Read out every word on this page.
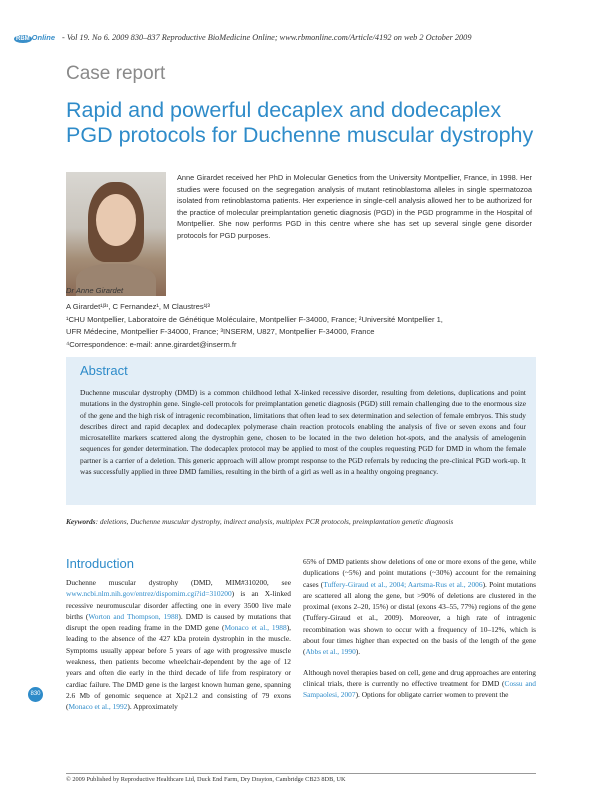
RBM Online - Vol 19. No 6. 2009 830–837 Reproductive BioMedicine Online; www.rbmonline.com/Article/4192 on web 2 October 2009
Case report
Rapid and powerful decaplex and dodecaplex PGD protocols for Duchenne muscular dystrophy
Anne Girardet received her PhD in Molecular Genetics from the University Montpellier, France, in 1998. Her studies were focused on the segregation analysis of mutant retinoblastoma alleles in single spermatozoa isolated from retinoblastoma patients. Her experience in single-cell analysis allowed her to be authorized for the practice of molecular preimplantation genetic diagnosis (PGD) in the PGD programme in the Hospital of Montpellier. She now performs PGD in this centre where she has set up several single gene disorder protocols for PGD purposes.
Dr Anne Girardet
A Girardet¹ʲ³ʴ, C Fernandez¹, M Claustres¹ʲ³
¹CHU Montpellier, Laboratoire de Génétique Moléculaire, Montpellier F-34000, France; ²Université Montpellier 1,
UFR Médecine, Montpellier F-34000, France; ³INSERM, U827, Montpellier F-34000, France
⁴Correspondence: e-mail: anne.girardet@inserm.fr
Abstract
Duchenne muscular dystrophy (DMD) is a common childhood lethal X-linked recessive disorder, resulting from deletions, duplications and point mutations in the dystrophin gene. Single-cell protocols for preimplantation genetic diagnosis (PGD) still remain challenging due to the enormous size of the gene and the high risk of intragenic recombination, limitations that often lead to sex determination and selection of female embryos. This study describes direct and rapid decaplex and dodecaplex polymerase chain reaction protocols enabling the analysis of five or seven exons and four microsatellite markers scattered along the dystrophin gene, chosen to be located in the two deletion hot-spots, and the analysis of amelogenin sequences for gender determination. The dodecaplex protocol may be applied to most of the couples requesting PGD for DMD in whom the female partner is a carrier of a deletion. This generic approach will allow prompt response to the PGD referrals by reducing the pre-clinical PGD work-up. It was successfully applied in three DMD families, resulting in the birth of a girl as well as in a healthy ongoing pregnancy.
Keywords: deletions, Duchenne muscular dystrophy, indirect analysis, multiplex PCR protocols, preimplantation genetic diagnosis
Introduction
Duchenne muscular dystrophy (DMD, MIM#310200, see www.ncbi.nlm.nih.gov/entrez/dispomim.cgi?id=310200) is an X-linked recessive neuromuscular disorder affecting one in every 3500 live male births (Worton and Thompson, 1988). DMD is caused by mutations that disrupt the open reading frame in the DMD gene (Monaco et al., 1988), leading to the absence of the 427 kDa protein dystrophin in the muscle. Symptoms usually appear before 5 years of age with progressive muscle weakness, then patients become wheelchair-dependent by the age of 12 years and often die early in the third decade of life from respiratory or cardiac failure. The DMD gene is the largest known human gene, spanning 2.6 Mb of genomic sequence at Xp21.2 and consisting of 79 exons (Monaco et al., 1992). Approximately

65% of DMD patients show deletions of one or more exons of the gene, while duplications (~5%) and point mutations (~30%) account for the remaining cases (Tuffery-Giraud et al., 2004; Aartsma-Rus et al., 2006). Point mutations are scattered all along the gene, but >90% of deletions are clustered in the proximal (exons 2–20, 15%) or distal (exons 43–55, 77%) regions of the gene (Tuffery-Giraud et al., 2009). Moreover, a high rate of intragenic recombination was shown to occur with a frequency of 10–12%, which is about four times higher than expected on the basis of the length of the gene (Abbs et al., 1990).

Although novel therapies based on cell, gene and drug approaches are entering clinical trials, there is currently no effective treatment for DMD (Cossu and Sampaolesi, 2007). Options for obligate carrier women to prevent the

830
© 2009 Published by Reproductive Healthcare Ltd, Duck End Farm, Dry Drayton, Cambridge CB23 8DB, UK
